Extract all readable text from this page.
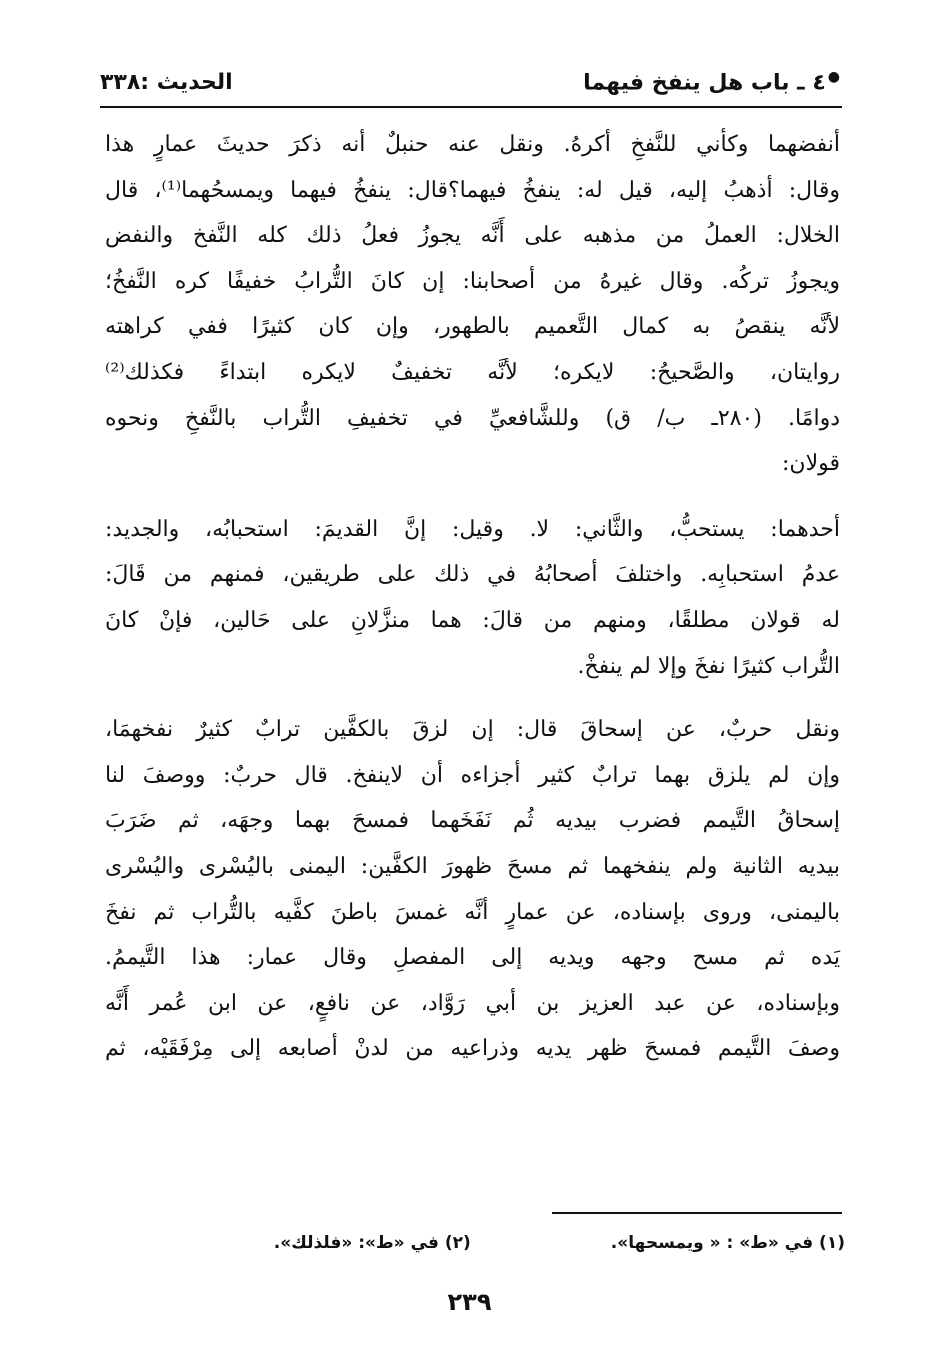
●٤ ـ باب هل ينفخ فيهما
الحديث :٣٣٨
أنفضهما وكأني للنَّفخِ أكرهُ. ونقل عنه حنبلٌ أنه ذكرَ حديثَ عمارٍ هذا
وقال: أذهبُ إليه، قيل له: ينفخُ فيهما؟قال: ينفخُ فيهما ويمسحُهما⁽¹⁾، قال
الخلال: العملُ من مذهبه على أَنَّه يجوزُ فعلُ ذلك كله النَّفخ والنفض
ويجوزُ تركُه. وقال غيرهُ من أصحابنا: إن كانَ التُّرابُ خفيفًا كره النَّفخُ؛
لأنَّه ينقصُ به كمال التَّعميم بالطهور، وإن كان كثيرًا ففي كراهته
روايتان، والصَّحيحُ: لايكره؛ لأنَّه تخفيفٌ لايكره ابتداءً فكذلك⁽²⁾
دوامًا. (٢٨٠ـ ب/ ق) وللشَّافعيِّ في تخفيفِ التُّراب بالنَّفخِ ونحوه
قولان:
أحدهما: يستحبُّ، والثَّاني: لا. وقيل: إنَّ القديمَ: استحبابُه، والجديد:
عدمُ استحبابِه. واختلفَ أصحابُهُ في ذلك على طريقين، فمنهم من قَالَ:
له قولان مطلقًا، ومنهم من قالَ: هما منزَّلانِ على حَالين، فإنْ كانَ
التُّراب كثيرًا نفخَ وإلا لم ينفخْ.
ونقل حربٌ، عن إسحاقَ قال: إن لزقَ بالكفَّين ترابٌ كثيرٌ نفخهمَا،
وإن لم يلزق بهما ترابٌ كثير أجزاءه أن لاينفخ. قال حربٌ: ووصفَ لنا
إسحاقُ التَّيمم فضرب بيديه ثُم نَفَخَهما فمسحَ بهما وجهَه، ثم ضَرَبَ
بيديه الثانية ولم ينفخهما ثم مسحَ ظهورَ الكفَّين: اليمنى باليُسْرى واليُسْرى
باليمنى، وروى بإسناده، عن عمارٍ أنَّه غمسَ باطنَ كفَّيه بالتُّراب ثم نفخَ
يَده ثم مسح وجهه ويديه إلى المفصلِ وقال عمار: هذا التَّيممُ.
وبإسناده، عن عبد العزيز بن أبي رَوَّاد، عن نافعٍ، عن ابن عُمر أَنَّه
وصفَ التَّيمم فمسحَ ظهر يديه وذراعيه من لدنْ أصابعه إلى مِرْفَقَيْه، ثم
(١) في «ط» : « ويمسحها».
(٢) في «ط»: «فلذلك».
٢٣٩
